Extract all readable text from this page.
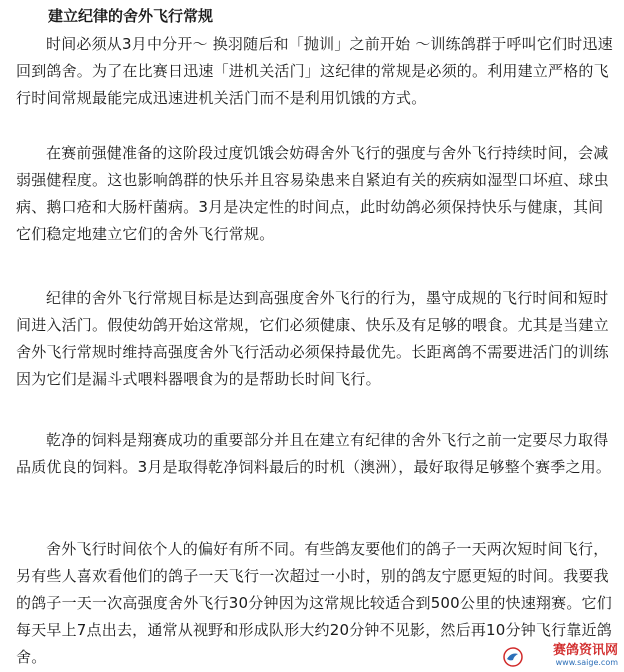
建立纪律的舍外飞行常规

时间必须从3月中分开～ 换羽随后和「抛训」之前开始 ～训练鸽群于呼叫它们时迅速回到鸽舍。为了在比赛日迅速「进机关活门」这纪律的常规是必须的。利用建立严格的飞行时间常规最能完成迅速进机关活门而不是利用饥饿的方式。

在赛前强健准备的这阶段过度饥饿会妨碍舍外飞行的强度与舍外飞行持续时间，会减弱强健程度。这也影响鸽群的快乐并且容易染患来自紧迫有关的疾病如湿型口坏疸、球虫病、鹅口疮和大肠杆菌病。3月是决定性的时间点，此时幼鸽必须保持快乐与健康，其间它们稳定地建立它们的舍外飞行常规。

纪律的舍外飞行常规目标是达到高强度舍外飞行的行为，墨守成规的飞行时间和短时间进入活门。假使幼鸽开始这常规，它们必须健康、快乐及有足够的喂食。尤其是当建立舍外飞行常规时维持高强度舍外飞行活动必须保持最优先。长距离鸽不需要进活门的训练因为它们是漏斗式喂料器喂食为的是帮助长时间飞行。

乾净的饲料是翔赛成功的重要部分并且在建立有纪律的舍外飞行之前一定要尽力取得品质优良的饲料。3月是取得乾净饲料最后的时机（澳洲），最好取得足够整个赛季之用。

舍外飞行时间依个人的偏好有所不同。有些鸽友要他们的鸽子一天两次短时间飞行，另有些人喜欢看他们的鸽子一天飞行一次超过一小时，别的鸽友宁愿更短的时间。我要我的鸽子一天一次高强度舍外飞行30分钟因为这常规比较适合到500公里的快速翔赛。它们每天早上7点出去，通常从视野和形成队形大约20分钟不见影，然后再10分钟飞行靠近鸽舍。	赛鸽资讯网
www.saige.com
